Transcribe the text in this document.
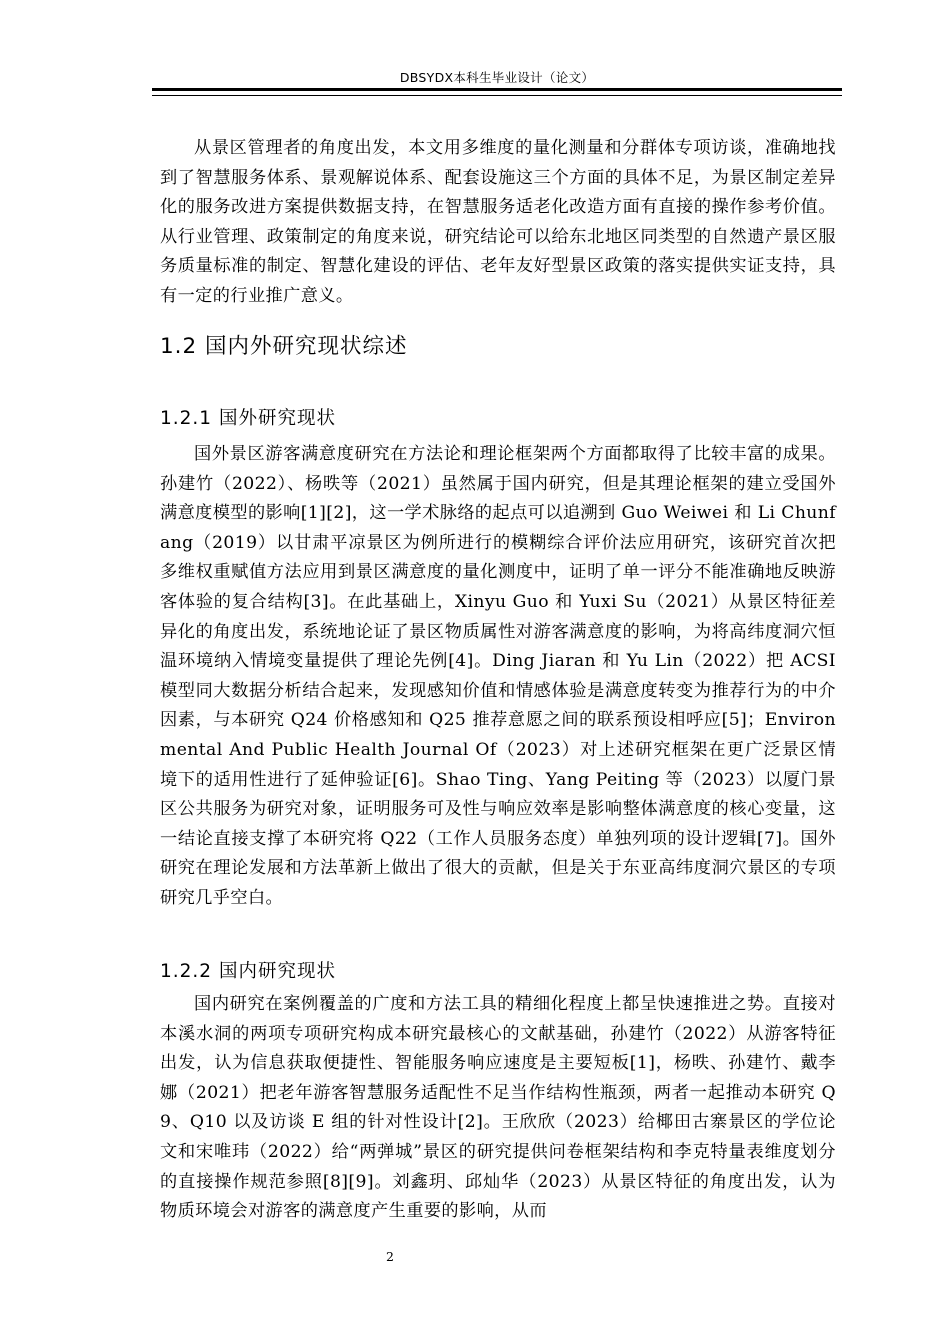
DBSYDX本科生毕业设计（论文）

从景区管理者的角度出发，本文用多维度的量化测量和分群体专项访谈，准确地找到了智慧服务体系、景观解说体系、配套设施这三个方面的具体不足，为景区制定差异化的服务改进方案提供数据支持，在智慧服务适老化改造方面有直接的操作参考价值。从行业管理、政策制定的角度来说，研究结论可以给东北地区同类型的自然遗产景区服务质量标准的制定、智慧化建设的评估、老年友好型景区政策的落实提供实证支持，具有一定的行业推广意义。

1.2 国内外研究现状综述
1.2.1 国外研究现状

国外景区游客满意度研究在方法论和理论框架两个方面都取得了比较丰富的成果。孙建竹（2022）、杨昳等（2021）虽然属于国内研究，但是其理论框架的建立受国外满意度模型的影响[1][2]，这一学术脉络的起点可以追溯到 Guo Weiwei 和 Li Chunfang（2019）以甘肃平凉景区为例所进行的模糊综合评价法应用研究，该研究首次把多维权重赋值方法应用到景区满意度的量化测度中，证明了单一评分不能准确地反映游客体验的复合结构[3]。在此基础上，Xinyu Guo 和 Yuxi Su（2021）从景区特征差异化的角度出发，系统地论证了景区物质属性对游客满意度的影响，为将高纬度洞穴恒温环境纳入情境变量提供了理论先例[4]。Ding Jiaran 和 Yu Lin（2022）把 ACSI 模型同大数据分析结合起来，发现感知价值和情感体验是满意度转变为推荐行为的中介因素，与本研究 Q24 价格感知和 Q25 推荐意愿之间的联系预设相呼应[5]；Environmental And Public Health Journal Of（2023）对上述研究框架在更广泛景区情境下的适用性进行了延伸验证[6]。Shao Ting、Yang Peiting 等（2023）以厦门景区公共服务为研究对象，证明服务可及性与响应效率是影响整体满意度的核心变量，这一结论直接支撑了本研究将 Q22（工作人员服务态度）单独列项的设计逻辑[7]。国外研究在理论发展和方法革新上做出了很大的贡献，但是关于东亚高纬度洞穴景区的专项研究几乎空白。

1.2.2 国内研究现状

国内研究在案例覆盖的广度和方法工具的精细化程度上都呈快速推进之势。直接对本溪水洞的两项专项研究构成本研究最核心的文献基础，孙建竹（2022）从游客特征出发，认为信息获取便捷性、智能服务响应速度是主要短板[1]，杨昳、孙建竹、戴李娜（2021）把老年游客智慧服务适配性不足当作结构性瓶颈，两者一起推动本研究 Q9、Q10 以及访谈 E 组的针对性设计[2]。王欣欣（2023）给椰田古寨景区的学位论文和宋唯玮（2022）给“两弹城”景区的研究提供问卷框架结构和李克特量表维度划分的直接操作规范参照[8][9]。刘鑫玥、邱灿华（2023）从景区特征的角度出发，认为物质环境会对游客的满意度产生重要的影响，从而

2
